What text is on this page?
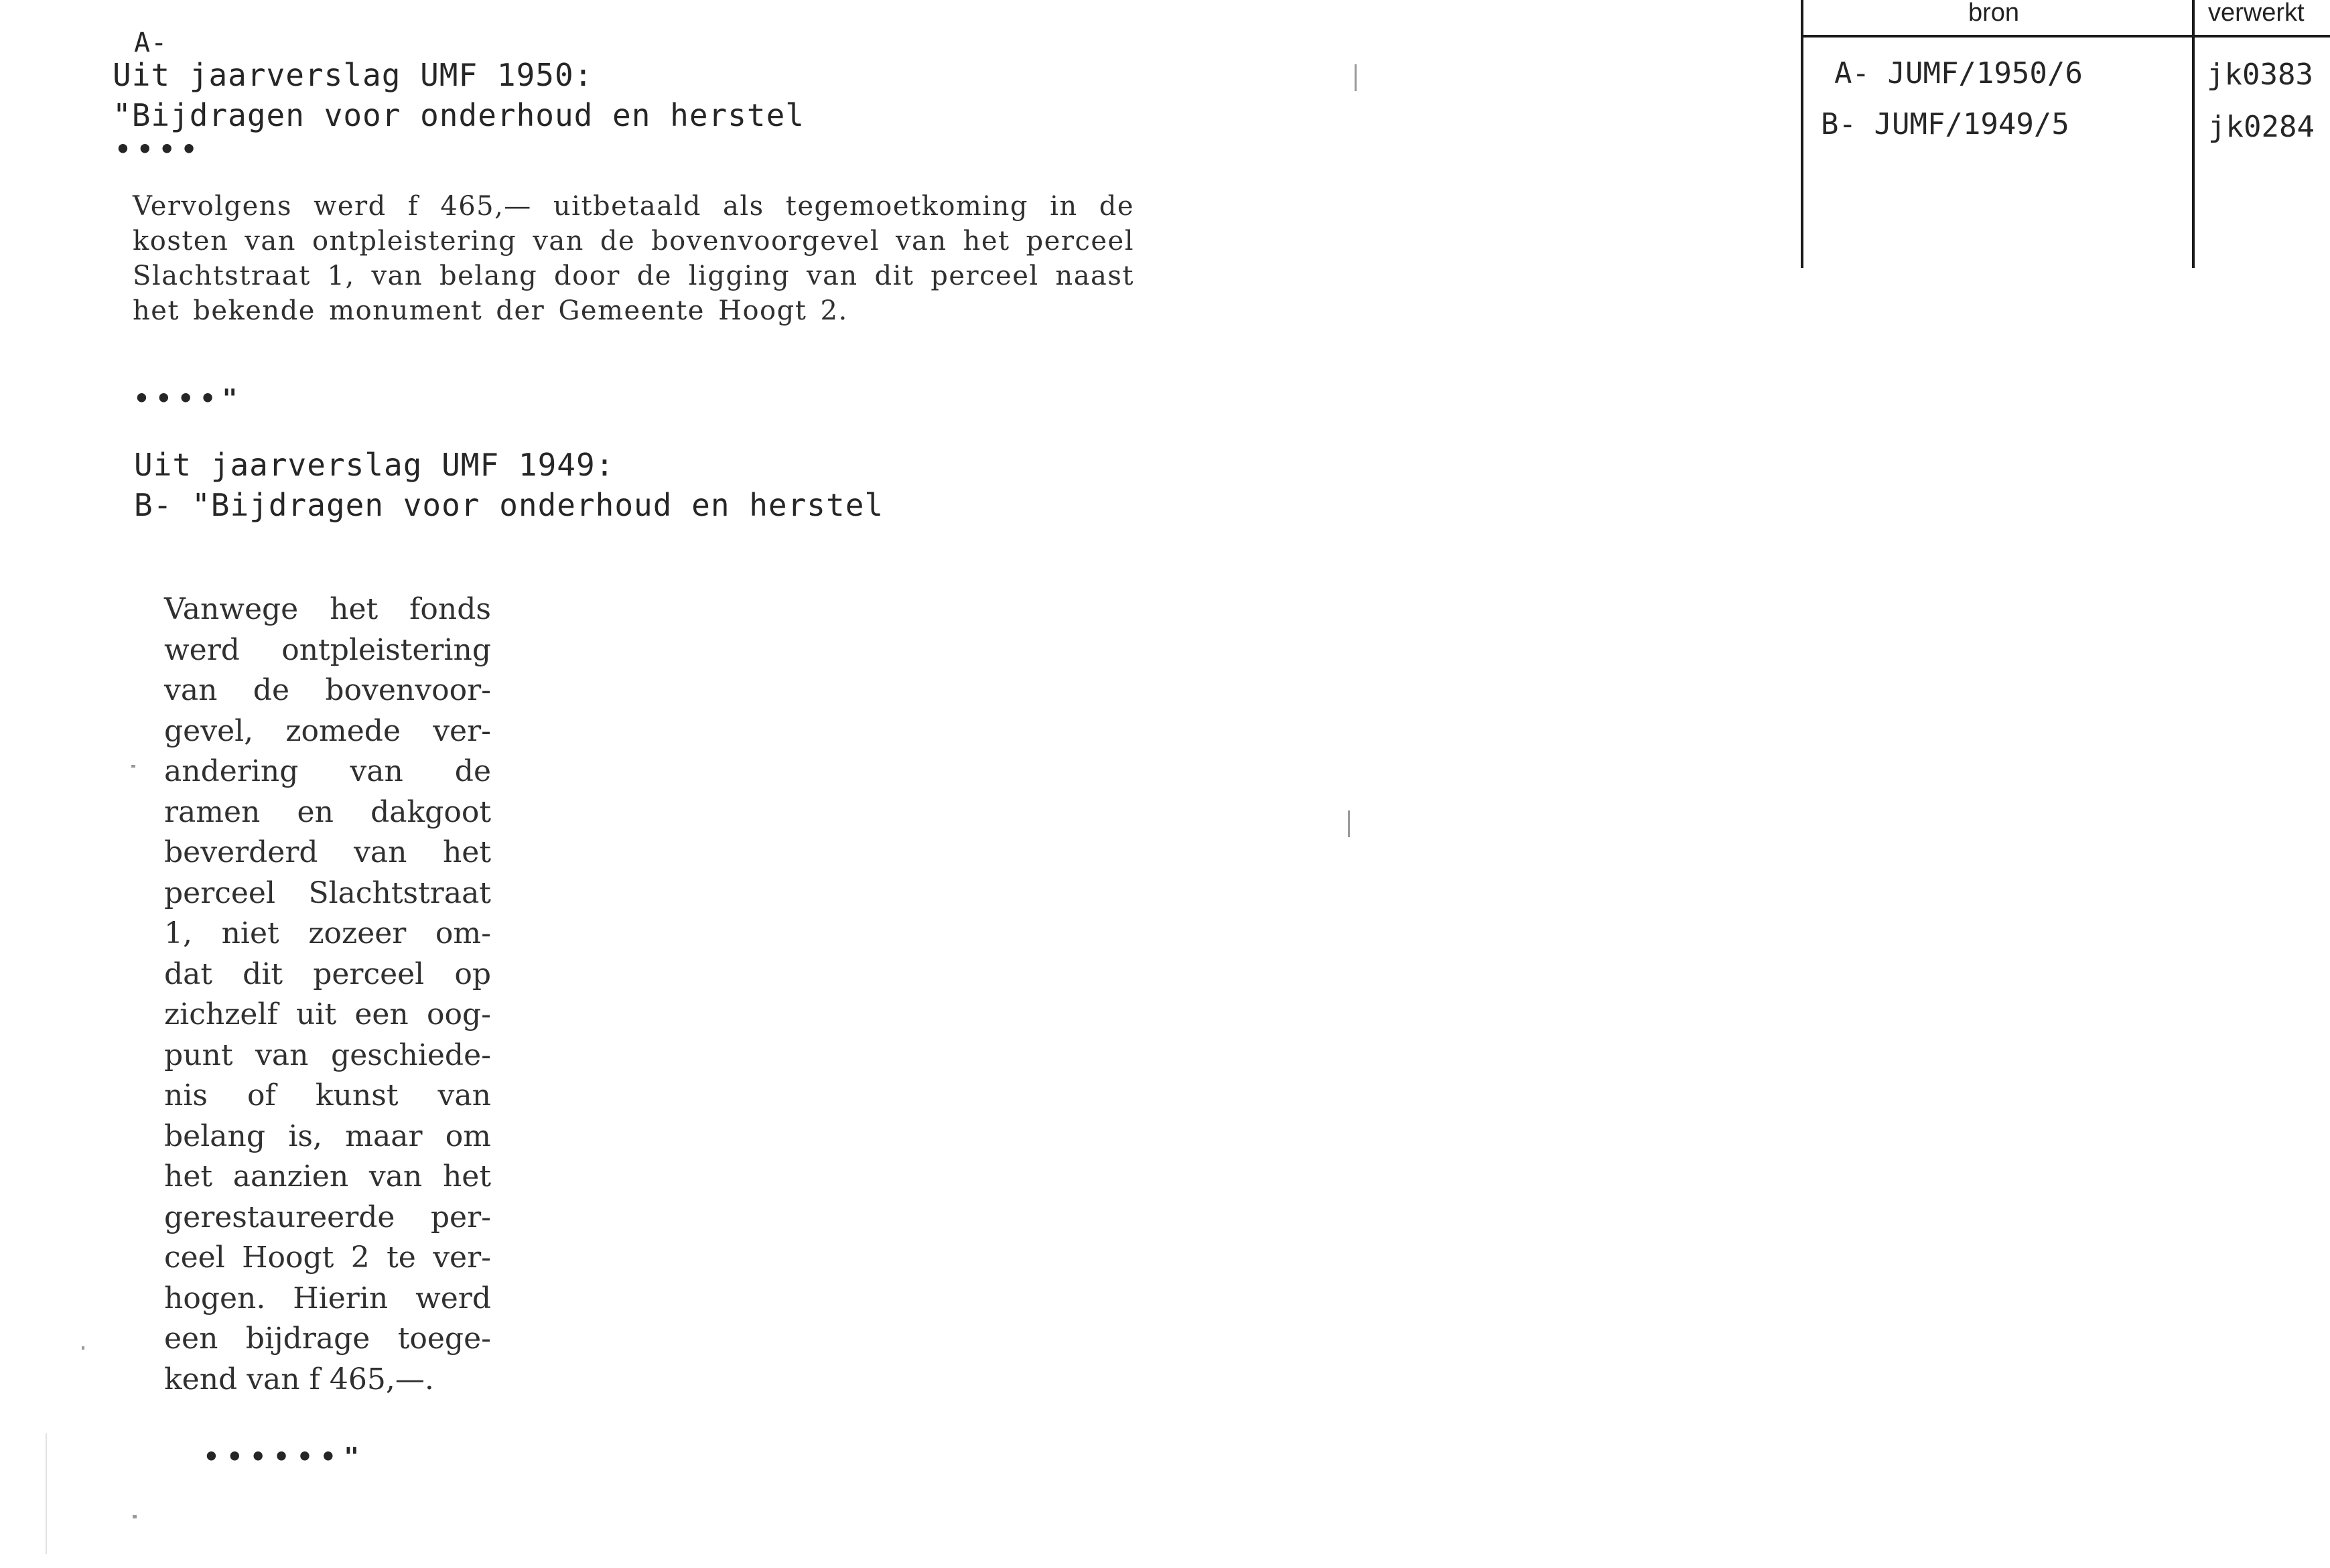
A-
Uit jaarverslag UMF 1950:
"Bijdragen voor onderhoud en herstel
••••
Vervolgens werd f 465,— uitbetaald als tegemoetkoming in de kosten van ontpleistering van de bovenvoorgevel van het perceel Slachtstraat 1, van belang door de ligging van dit perceel naast het bekende monument der Gemeente Hoogt 2.
••••"
Uit jaarverslag UMF 1949:
B- "Bijdragen voor onderhoud en herstel
Vanwege het fonds
werd ontpleistering
van de bovenvoor-
gevel, zomede ver-
andering van de
ramen en dakgoot
beverderd van het
perceel Slachtstraat
1, niet zozeer om-
dat dit perceel op
zichzelf uit een oog-
punt van geschiede-
nis of kunst van
belang is, maar om
het aanzien van het
gerestaureerde per-
ceel Hoogt 2 te ver-
hogen. Hierin werd
een bijdrage toege-
kend van f 465,—.
••••••"
bron	verwerkt
A- JUMF/1950/6	jk0383
B- JUMF/1949/5	jk0284
